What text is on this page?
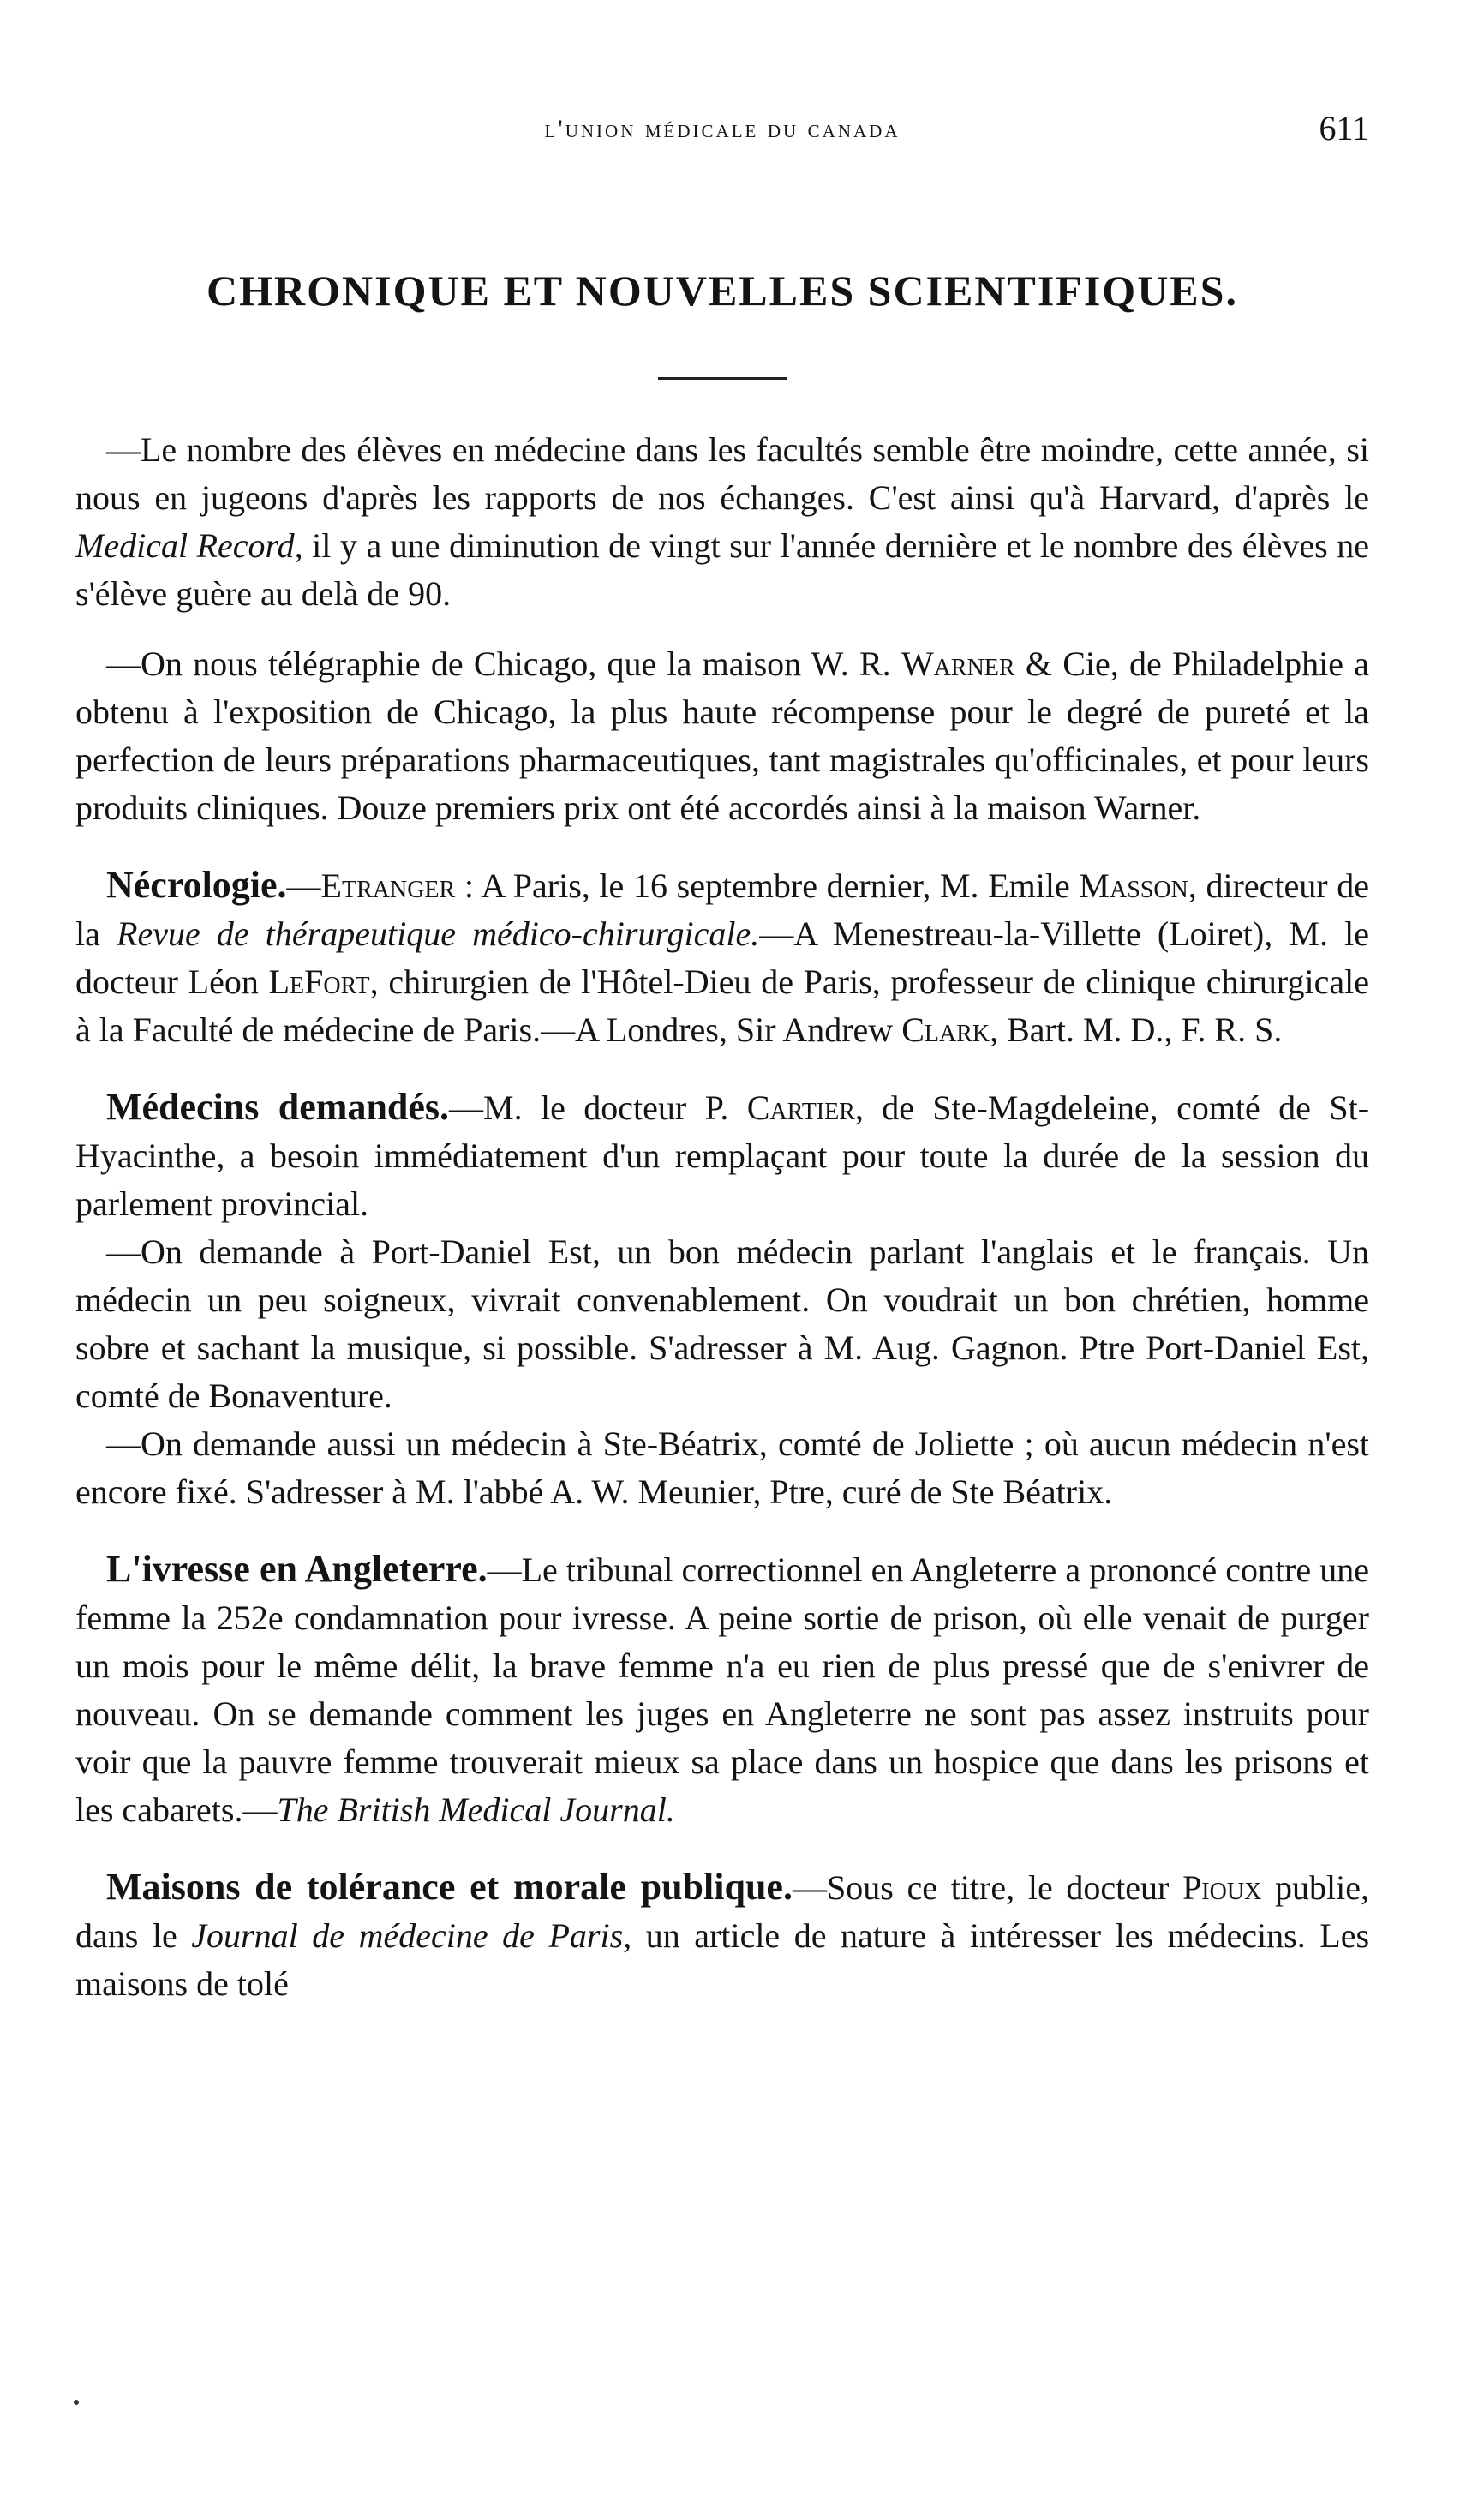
l'union médicale du canada	611
CHRONIQUE ET NOUVELLES SCIENTIFIQUES.

—Le nombre des élèves en médecine dans les facultés semble être moindre, cette année, si nous en jugeons d'après les rapports de nos échanges. C'est ainsi qu'à Harvard, d'après le Medical Record, il y a une diminution de vingt sur l'année dernière et le nombre des élèves ne s'élève guère au delà de 90.

—On nous télégraphie de Chicago, que la maison W. R. Warner & Cie, de Philadelphie a obtenu à l'exposition de Chicago, la plus haute récompense pour le degré de pureté et la perfection de leurs préparations pharmaceutiques, tant magistrales qu'officinales, et pour leurs produits cliniques. Douze premiers prix ont été accordés ainsi à la maison Warner.

Nécrologie.—Etranger : A Paris, le 16 septembre dernier, M. Emile Masson, directeur de la Revue de thérapeutique médico-chirurgicale.—A Menestreau-la-Villette (Loiret), M. le docteur Léon LeFort, chirurgien de l'Hôtel-Dieu de Paris, professeur de clinique chirurgicale à la Faculté de médecine de Paris.—A Londres, Sir Andrew Clark, Bart. M. D., F. R. S.

Médecins demandés.—M. le docteur P. Cartier, de Ste-Magdeleine, comté de St-Hyacinthe, a besoin immédiatement d'un remplaçant pour toute la durée de la session du parlement provincial.

—On demande à Port-Daniel Est, un bon médecin parlant l'anglais et le français. Un médecin un peu soigneux, vivrait convenablement. On voudrait un bon chrétien, homme sobre et sachant la musique, si possible. S'adresser à M. Aug. Gagnon. Ptre Port-Daniel Est, comté de Bonaventure.

—On demande aussi un médecin à Ste-Béatrix, comté de Joliette ; où aucun médecin n'est encore fixé. S'adresser à M. l'abbé A. W. Meunier, Ptre, curé de Ste Béatrix.

L'ivresse en Angleterre.—Le tribunal correctionnel en Angleterre a prononcé contre une femme la 252e condamnation pour ivresse. A peine sortie de prison, où elle venait de purger un mois pour le même délit, la brave femme n'a eu rien de plus pressé que de s'enivrer de nouveau. On se demande comment les juges en Angleterre ne sont pas assez instruits pour voir que la pauvre femme trouverait mieux sa place dans un hospice que dans les prisons et les cabarets.—The British Medical Journal.

Maisons de tolérance et morale publique.—Sous ce titre, le docteur Pioux publie, dans le Journal de médecine de Paris, un article de nature à intéresser les médecins. Les maisons de tolé
